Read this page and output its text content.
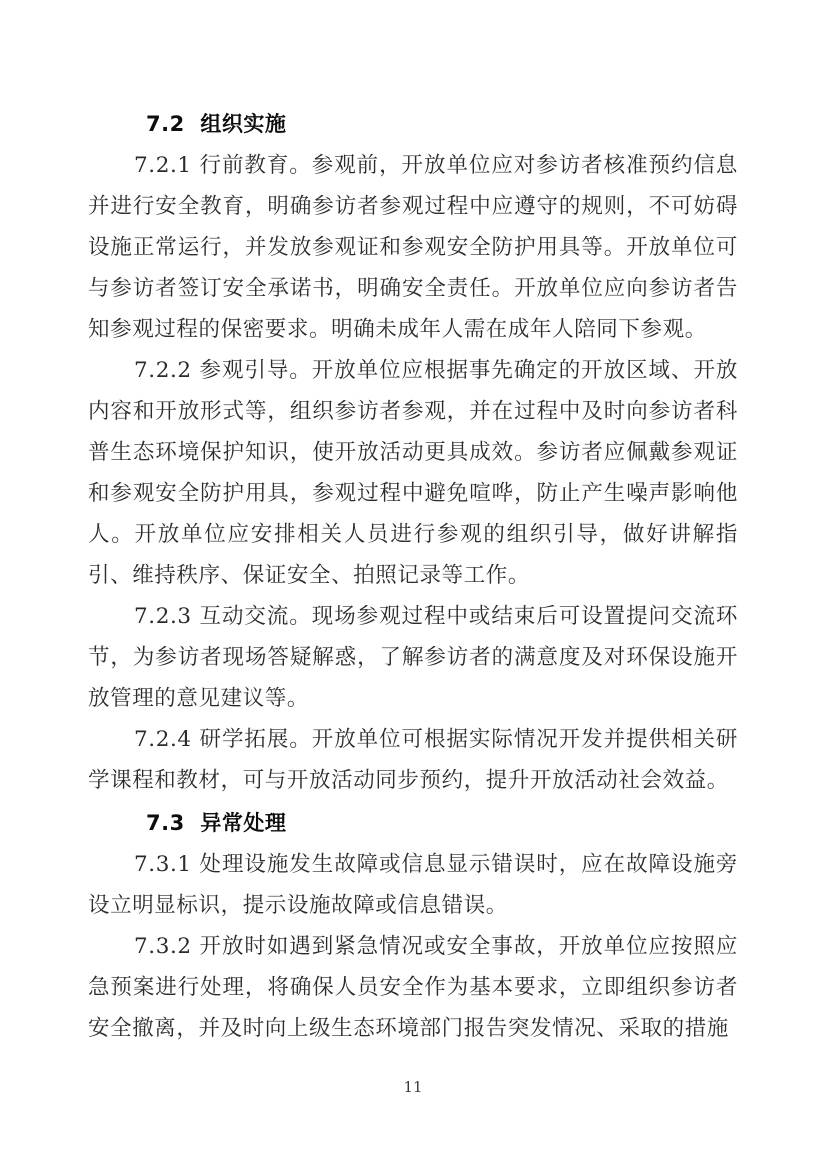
7.2  组织实施

7.2.1 行前教育。参观前，开放单位应对参访者核准预约信息并进行安全教育，明确参访者参观过程中应遵守的规则，不可妨碍设施正常运行，并发放参观证和参观安全防护用具等。开放单位可与参访者签订安全承诺书，明确安全责任。开放单位应向参访者告知参观过程的保密要求。明确未成年人需在成年人陪同下参观。

7.2.2 参观引导。开放单位应根据事先确定的开放区域、开放内容和开放形式等，组织参访者参观，并在过程中及时向参访者科普生态环境保护知识，使开放活动更具成效。参访者应佩戴参观证和参观安全防护用具，参观过程中避免喧哗，防止产生噪声影响他人。开放单位应安排相关人员进行参观的组织引导，做好讲解指引、维持秩序、保证安全、拍照记录等工作。

7.2.3 互动交流。现场参观过程中或结束后可设置提问交流环节，为参访者现场答疑解惑，了解参访者的满意度及对环保设施开放管理的意见建议等。

7.2.4 研学拓展。开放单位可根据实际情况开发并提供相关研学课程和教材，可与开放活动同步预约，提升开放活动社会效益。

7.3  异常处理

7.3.1 处理设施发生故障或信息显示错误时，应在故障设施旁设立明显标识，提示设施故障或信息错误。

7.3.2 开放时如遇到紧急情况或安全事故，开放单位应按照应急预案进行处理，将确保人员安全作为基本要求，立即组织参访者安全撤离，并及时向上级生态环境部门报告突发情况、采取的措施

11
